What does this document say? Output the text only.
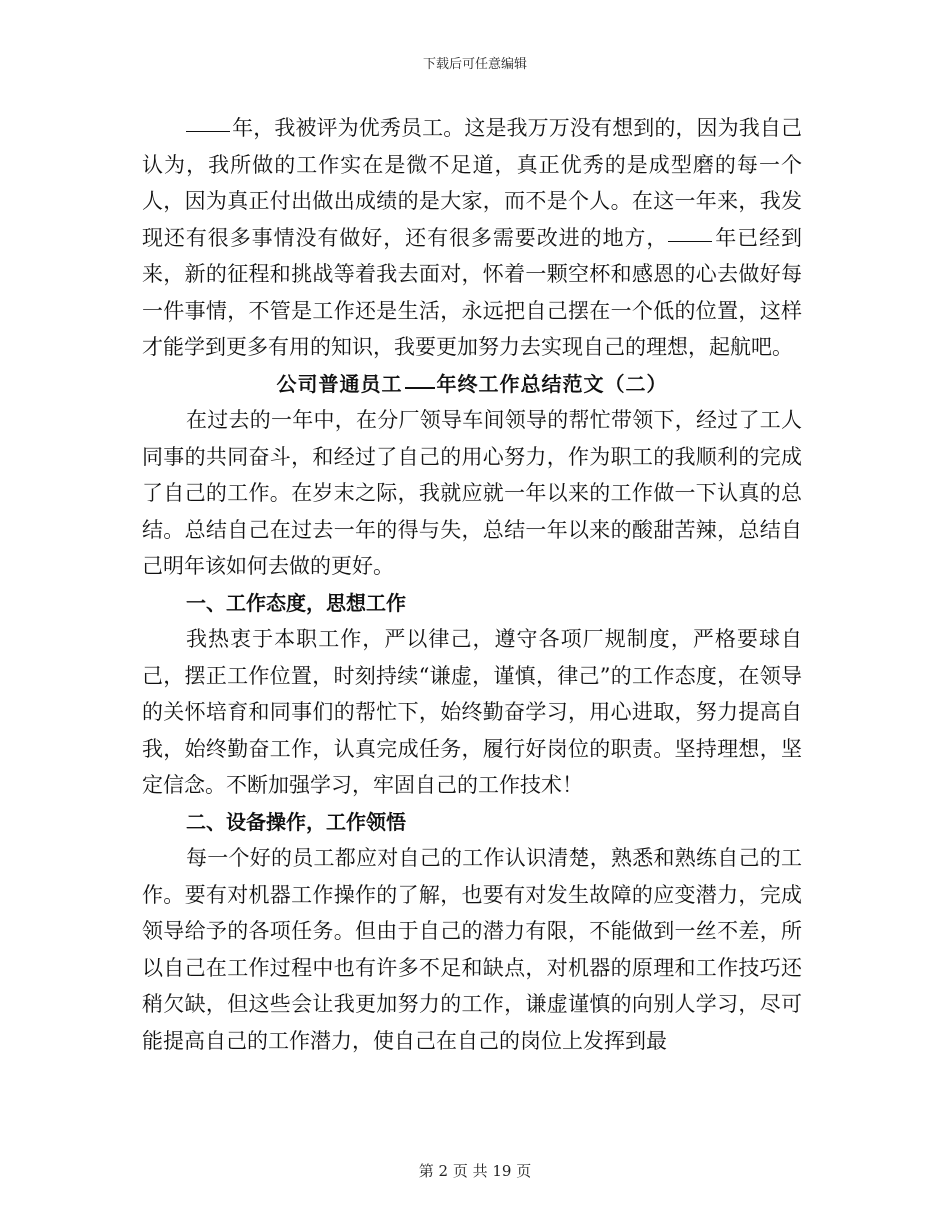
下载后可任意编辑

年，我被评为优秀员工。这是我万万没有想到的，因为我自己认为，我所做的工作实在是微不足道，真正优秀的是成型磨的每一个人，因为真正付出做出成绩的是大家，而不是个人。在这一年来，我发现还有很多事情没有做好，还有很多需要改进的地方， 年已经到来，新的征程和挑战等着我去面对，怀着一颗空杯和感恩的心去做好每一件事情，不管是工作还是生活，永远把自己摆在一个低的位置，这样才能学到更多有用的知识，我要更加努力去实现自己的理想，起航吧。

公司普通员工 年终工作总结范文（二）

在过去的一年中，在分厂领导车间领导的帮忙带领下，经过了工人同事的共同奋斗，和经过了自己的用心努力，作为职工的我顺利的完成了自己的工作。在岁末之际，我就应就一年以来的工作做一下认真的总结。总结自己在过去一年的得与失，总结一年以来的酸甜苦辣，总结自己明年该如何去做的更好。

一、工作态度，思想工作

我热衷于本职工作，严以律己，遵守各项厂规制度，严格要球自己，摆正工作位置，时刻持续“谦虚，谨慎，律己”的工作态度，在领导的关怀培育和同事们的帮忙下，始终勤奋学习，用心进取，努力提高自我，始终勤奋工作，认真完成任务，履行好岗位的职责。坚持理想，坚定信念。不断加强学习，牢固自己的工作技术！

二、设备操作，工作领悟

每一个好的员工都应对自己的工作认识清楚，熟悉和熟练自己的工作。要有对机器工作操作的了解，也要有对发生故障的应变潜力，完成领导给予的各项任务。但由于自己的潜力有限，不能做到一丝不差，所以自己在工作过程中也有许多不足和缺点，对机器的原理和工作技巧还稍欠缺，但这些会让我更加努力的工作，谦虚谨慎的向别人学习，尽可能提高自己的工作潜力，使自己在自己的岗位上发挥到最

第 2 页 共 19 页
